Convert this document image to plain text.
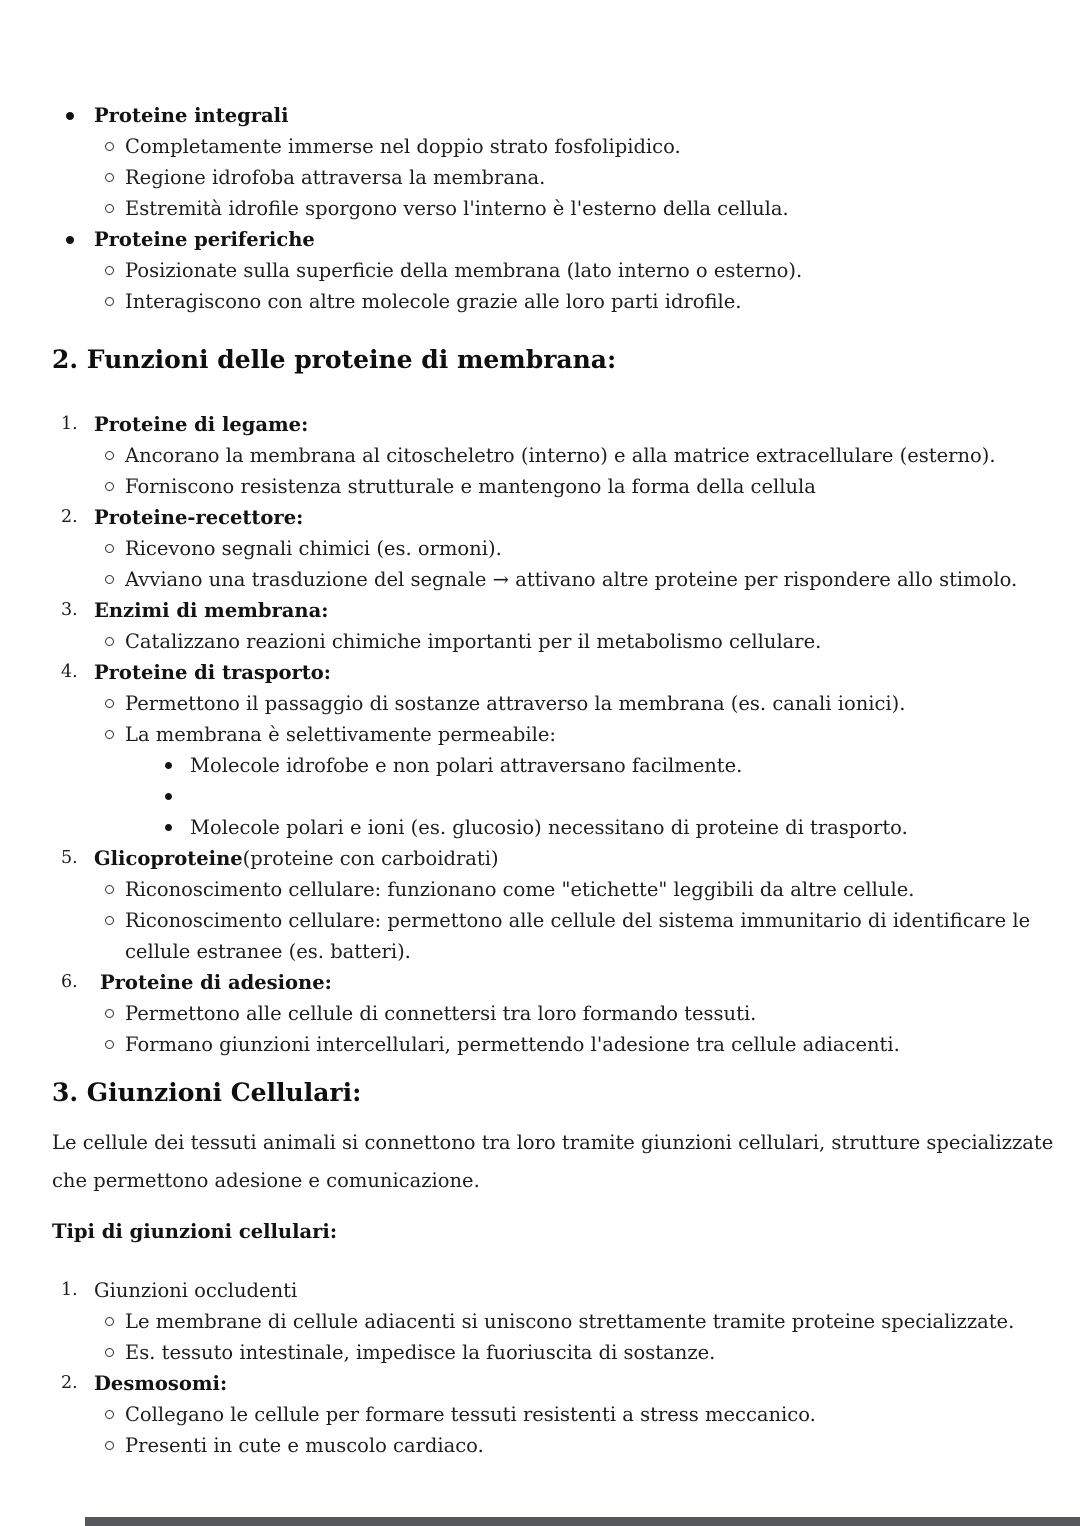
Proteine integrali
Completamente immerse nel doppio strato fosfolipidico.
Regione idrofoba attraversa la membrana.
Estremità idrofile sporgono verso l'interno è l'esterno della cellula.
Proteine periferiche
Posizionate sulla superficie della membrana (lato interno o esterno).
Interagiscono con altre molecole grazie alle loro parti idrofile.
2. Funzioni delle proteine di membrana:
1. Proteine di legame:
Ancorano la membrana al citoscheletro (interno) e alla matrice extracellulare (esterno).
Forniscono resistenza strutturale e mantengono la forma della cellula
2. Proteine-recettore:
Ricevono segnali chimici (es. ormoni).
Avviano una trasduzione del segnale → attivano altre proteine per rispondere allo stimolo.
3. Enzimi di membrana:
Catalizzano reazioni chimiche importanti per il metabolismo cellulare.
4. Proteine di trasporto:
Permettono il passaggio di sostanze attraverso la membrana (es. canali ionici).
La membrana è selettivamente permeabile:
Molecole idrofobe e non polari attraversano facilmente.
Molecole polari e ioni (es. glucosio) necessitano di proteine di trasporto.
5. Glicoproteine (proteine con carboidrati)
Riconoscimento cellulare: funzionano come "etichette" leggibili da altre cellule.
Riconoscimento cellulare: permettono alle cellule del sistema immunitario di identificare le
cellule estranee (es. batteri).
6.	Proteine di adesione:
Permettono alle cellule di connettersi tra loro formando tessuti.
Formano giunzioni intercellulari, permettendo l'adesione tra cellule adiacenti.
3. Giunzioni Cellulari:
Le cellule dei tessuti animali si connettono tra loro tramite giunzioni cellulari, strutture specializzate
che permettono adesione e comunicazione.
Tipi di giunzioni cellulari:
1. Giunzioni occludenti
Le membrane di cellule adiacenti si uniscono strettamente tramite proteine specializzate.
Es. tessuto intestinale, impedisce la fuoriuscita di sostanze.
2. Desmosomi:
Collegano le cellule per formare tessuti resistenti a stress meccanico.
Presenti in cute e muscolo cardiaco.
